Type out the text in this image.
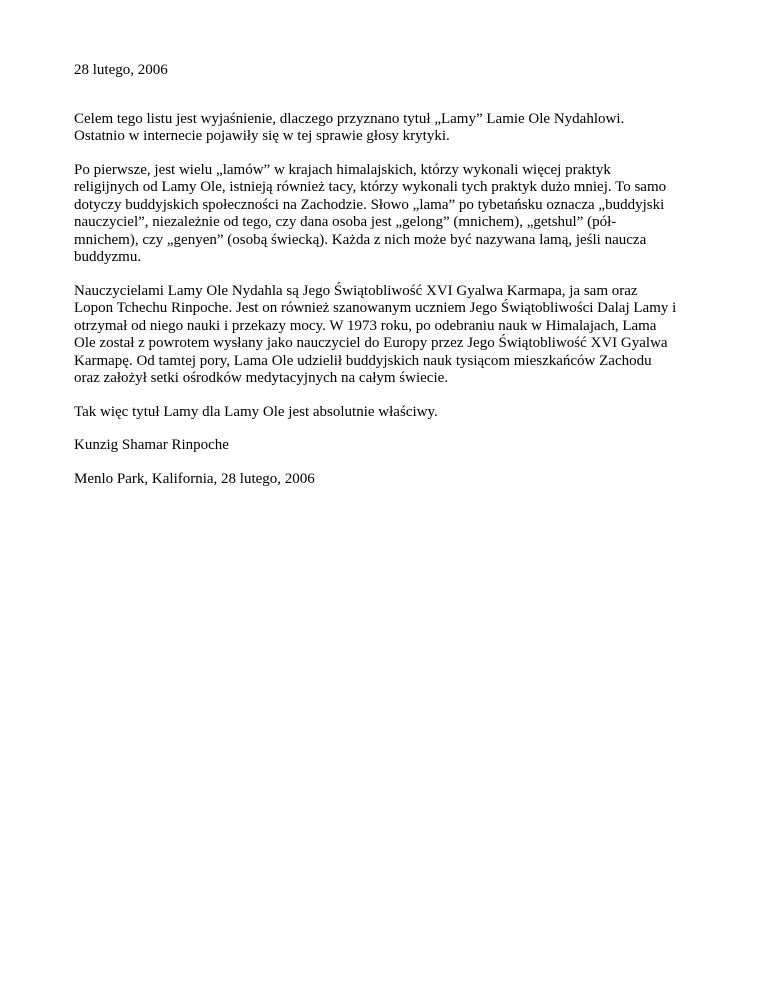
28 lutego, 2006

Celem tego listu jest wyjaśnienie, dlaczego przyznano tytuł „Lamy” Lamie Ole Nydahlowi.
Ostatnio w internecie pojawiły się w tej sprawie głosy krytyki.

Po pierwsze, jest wielu „lamów” w krajach himalajskich, którzy wykonali więcej praktyk
religijnych od Lamy Ole, istnieją również tacy, którzy wykonali tych praktyk dużo mniej. To samo
dotyczy buddyjskich społeczności na Zachodzie. Słowo „lama” po tybetańsku oznacza „buddyjski
nauczyciel”, niezależnie od tego, czy dana osoba jest „gelong” (mnichem), „getshul” (pół-
mnichem), czy „genyen” (osobą świecką). Każda z nich może być nazywana lamą, jeśli naucza
buddyzmu.

Nauczycielami Lamy Ole Nydahla są Jego Świątobliwość XVI Gyalwa Karmapa, ja sam oraz
Lopon Tchechu Rinpoche. Jest on również szanowanym uczniem Jego Świątobliwości Dalaj Lamy i
otrzymał od niego nauki i przekazy mocy. W 1973 roku, po odebraniu nauk w Himalajach, Lama
Ole został z powrotem wysłany jako nauczyciel do Europy przez Jego Świątobliwość XVI Gyalwa
Karmapę. Od tamtej pory, Lama Ole udzielił buddyjskich nauk tysiącom mieszkańców Zachodu
oraz założył setki ośrodków medytacyjnych na całym świecie.

Tak więc tytuł Lamy dla Lamy Ole jest absolutnie właściwy.

Kunzig Shamar Rinpoche

Menlo Park, Kalifornia, 28 lutego, 2006
